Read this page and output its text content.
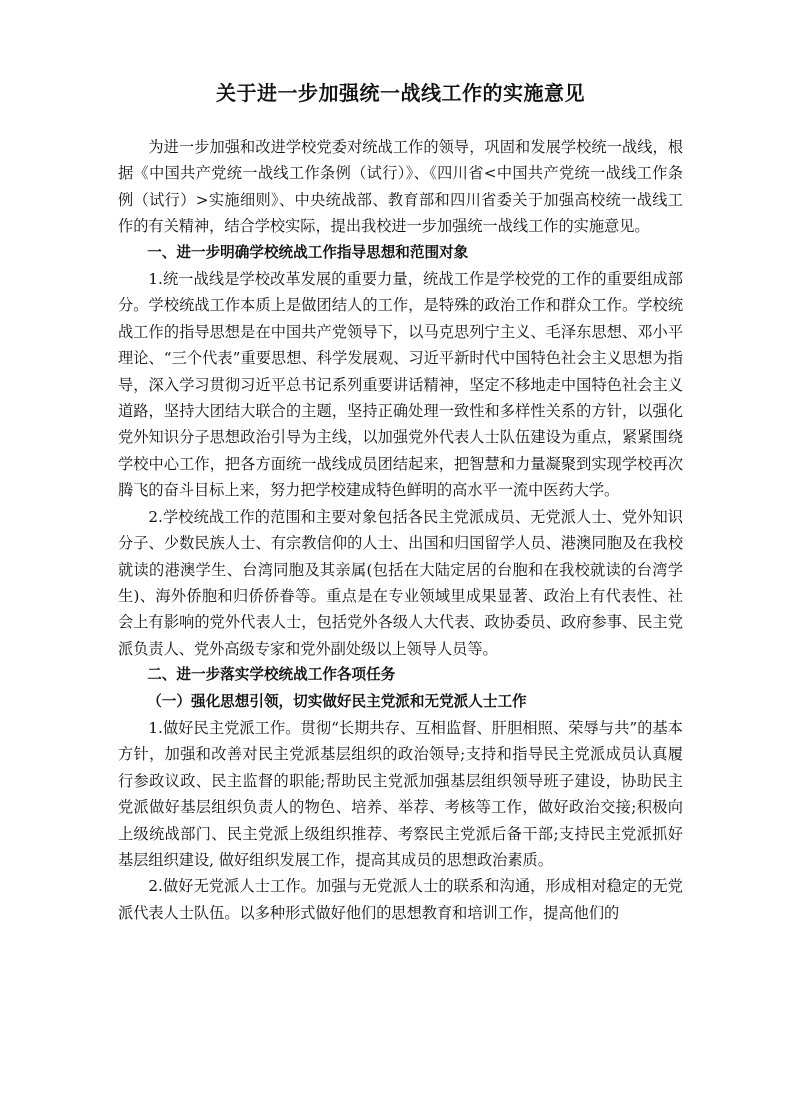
关于进一步加强统一战线工作的实施意见

为进一步加强和改进学校党委对统战工作的领导，巩固和发展学校统一战线，根据《中国共产党统一战线工作条例（试行）》、《四川省<中国共产党统一战线工作条例（试行）>实施细则》、中央统战部、教育部和四川省委关于加强高校统一战线工作的有关精神，结合学校实际，提出我校进一步加强统一战线工作的实施意见。

一、进一步明确学校统战工作指导思想和范围对象

1.统一战线是学校改革发展的重要力量，统战工作是学校党的工作的重要组成部分。学校统战工作本质上是做团结人的工作，是特殊的政治工作和群众工作。学校统战工作的指导思想是在中国共产党领导下，以马克思列宁主义、毛泽东思想、邓小平理论、“三个代表”重要思想、科学发展观、习近平新时代中国特色社会主义思想为指导，深入学习贯彻习近平总书记系列重要讲话精神，坚定不移地走中国特色社会主义道路，坚持大团结大联合的主题，坚持正确处理一致性和多样性关系的方针，以强化党外知识分子思想政治引导为主线，以加强党外代表人士队伍建设为重点，紧紧围绕学校中心工作，把各方面统一战线成员团结起来，把智慧和力量凝聚到实现学校再次腾飞的奋斗目标上来，努力把学校建成特色鲜明的高水平一流中医药大学。

2.学校统战工作的范围和主要对象包括各民主党派成员、无党派人士、党外知识分子、少数民族人士、有宗教信仰的人士、出国和归国留学人员、港澳同胞及在我校就读的港澳学生、台湾同胞及其亲属(包括在大陆定居的台胞和在我校就读的台湾学生)、海外侨胞和归侨侨眷等。重点是在专业领域里成果显著、政治上有代表性、社会上有影响的党外代表人士，包括党外各级人大代表、政协委员、政府参事、民主党派负责人、党外高级专家和党外副处级以上领导人员等。

二、进一步落实学校统战工作各项任务
（一）强化思想引领，切实做好民主党派和无党派人士工作

1.做好民主党派工作。贯彻“长期共存、互相监督、肝胆相照、荣辱与共”的基本方针，加强和改善对民主党派基层组织的政治领导;支持和指导民主党派成员认真履行参政议政、民主监督的职能;帮助民主党派加强基层组织领导班子建设，协助民主党派做好基层组织负责人的物色、培养、举荐、考核等工作，做好政治交接;积极向上级统战部门、民主党派上级组织推荐、考察民主党派后备干部;支持民主党派抓好基层组织建设, 做好组织发展工作，提高其成员的思想政治素质。

2.做好无党派人士工作。加强与无党派人士的联系和沟通，形成相对稳定的无党派代表人士队伍。以多种形式做好他们的思想教育和培训工作，提高他们的
